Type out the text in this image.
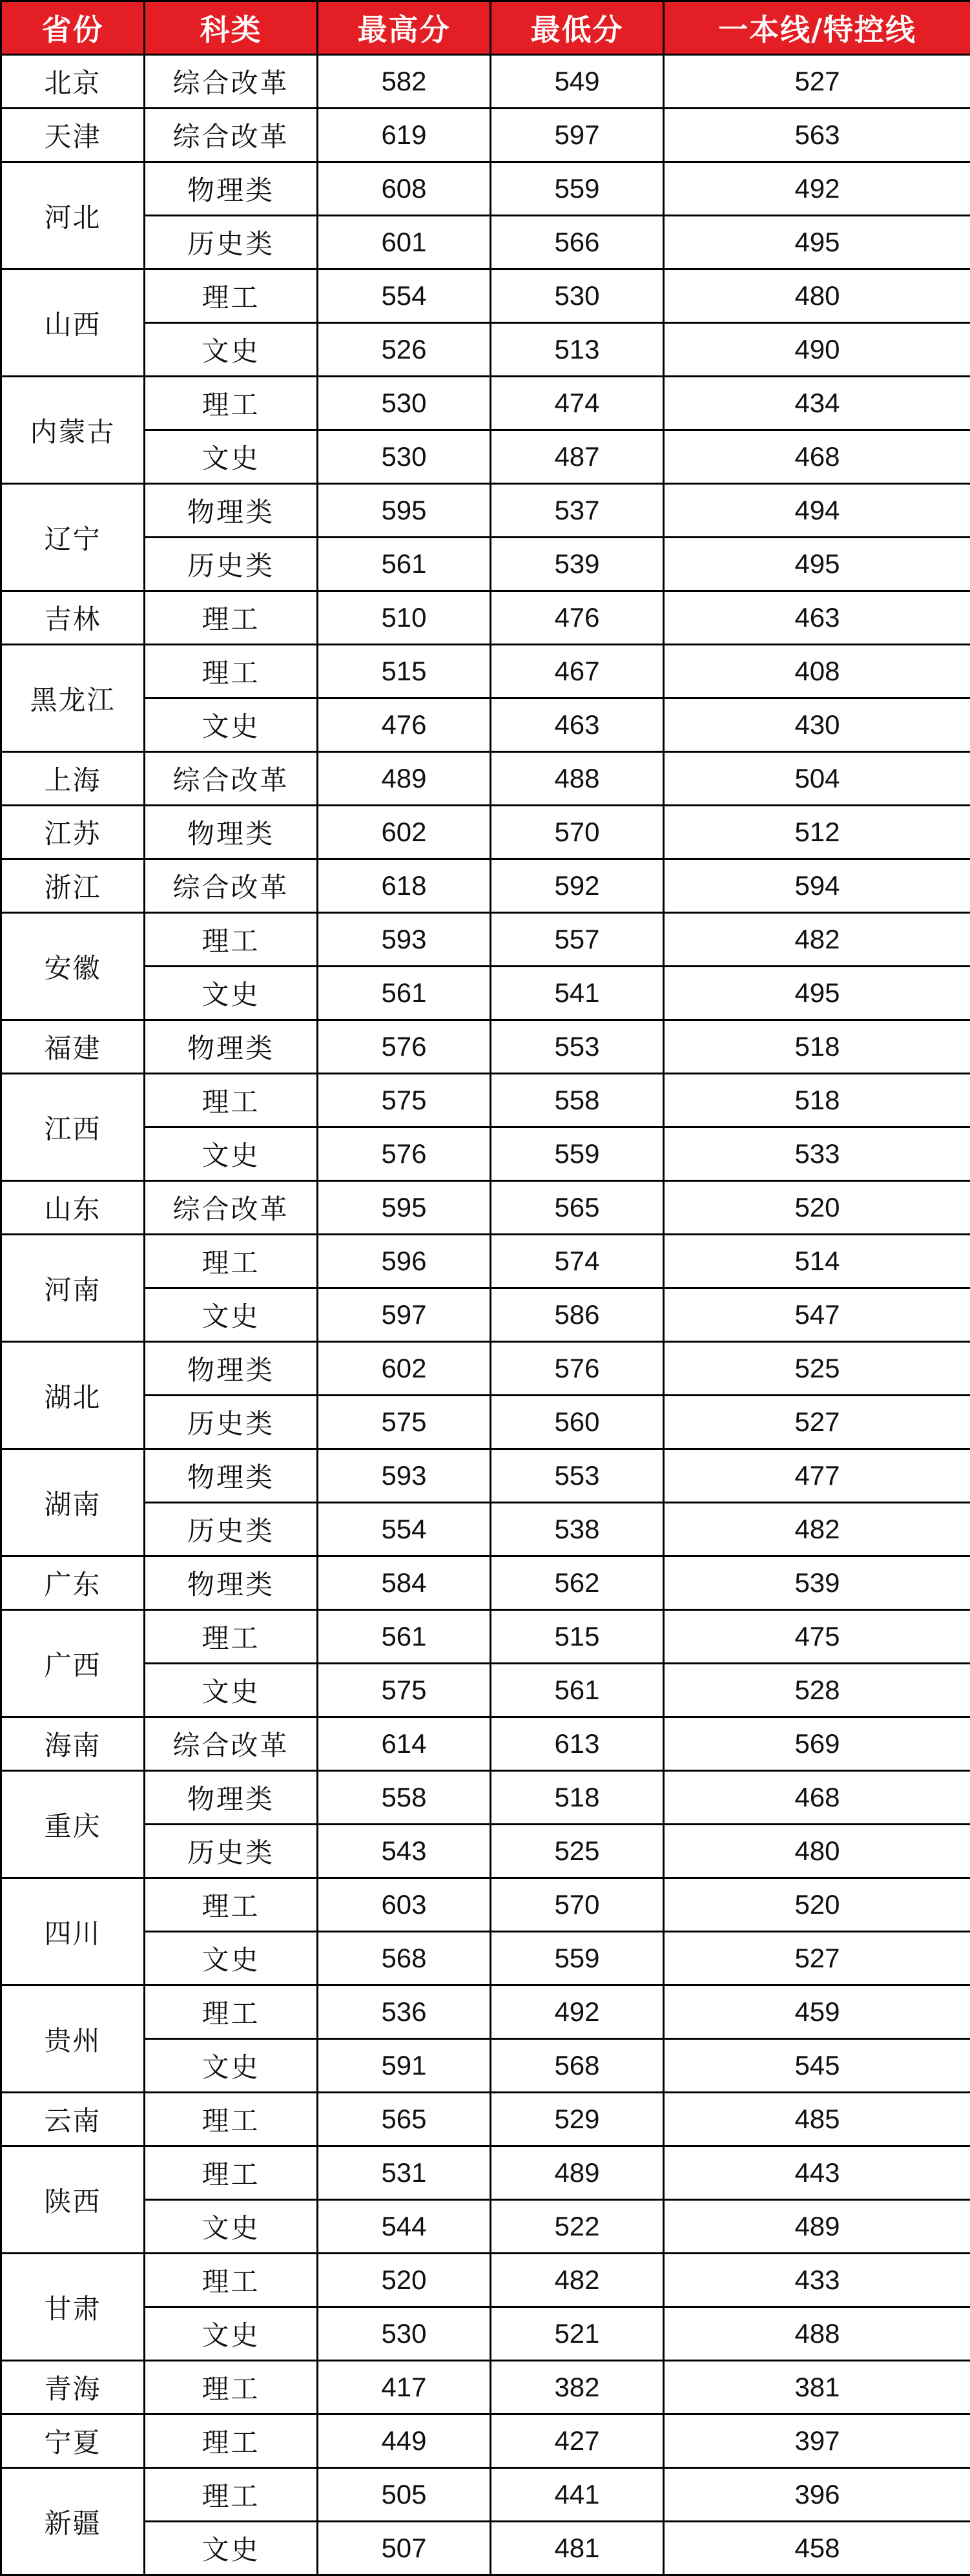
省份	科类	最高分	最低分	一本线/特控线
北京	综合改革	582	549	527
天津	综合改革	619	597	563
河北	物理类	608	559	492
	历史类	601	566	495
山西	理工	554	530	480
	文史	526	513	490
内蒙古	理工	530	474	434
	文史	530	487	468
辽宁	物理类	595	537	494
	历史类	561	539	495
吉林	理工	510	476	463
黑龙江	理工	515	467	408
	文史	476	463	430
上海	综合改革	489	488	504
江苏	物理类	602	570	512
浙江	综合改革	618	592	594
安徽	理工	593	557	482
	文史	561	541	495
福建	物理类	576	553	518
江西	理工	575	558	518
	文史	576	559	533
山东	综合改革	595	565	520
河南	理工	596	574	514
	文史	597	586	547
湖北	物理类	602	576	525
	历史类	575	560	527
湖南	物理类	593	553	477
	历史类	554	538	482
广东	物理类	584	562	539
广西	理工	561	515	475
	文史	575	561	528
海南	综合改革	614	613	569
重庆	物理类	558	518	468
	历史类	543	525	480
四川	理工	603	570	520
	文史	568	559	527
贵州	理工	536	492	459
	文史	591	568	545
云南	理工	565	529	485
陕西	理工	531	489	443
	文史	544	522	489
甘肃	理工	520	482	433
	文史	530	521	488
青海	理工	417	382	381
宁夏	理工	449	427	397
新疆	理工	505	441	396
	文史	507	481	458
